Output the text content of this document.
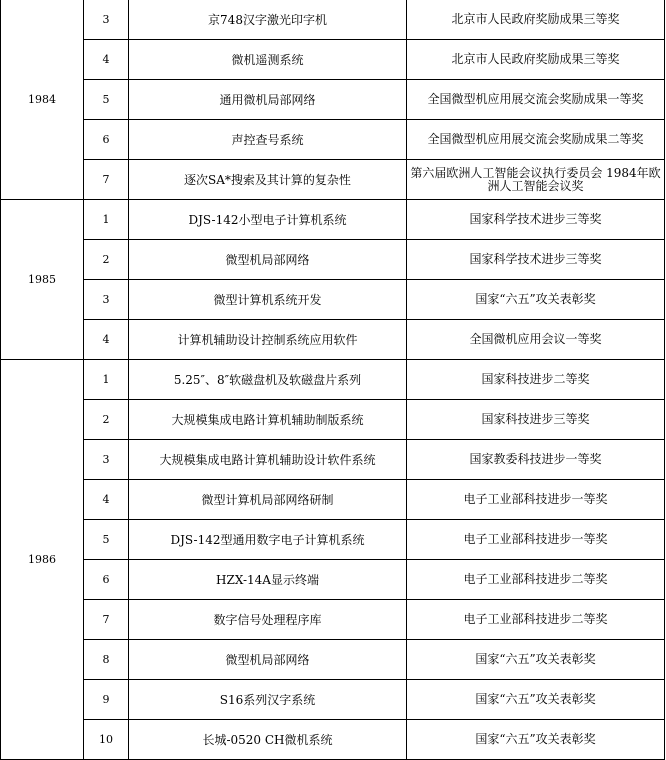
1984	3	京748汉字激光印字机	北京市人民政府奖励成果三等奖
	4	微机遥测系统	北京市人民政府奖励成果三等奖
	5	通用微机局部网络	全国微型机应用展交流会奖励成果一等奖
	6	声控查号系统	全国微型机应用展交流会奖励成果二等奖
	7	逐次SA*搜索及其计算的复杂性	第六届欧洲人工智能会议执行委员会 1984年欧洲人工智能会议奖
1985	1	DJS-142小型电子计算机系统	国家科学技术进步三等奖
	2	微型机局部网络	国家科学技术进步三等奖
	3	微型计算机系统开发	国家“六五”攻关表彰奖
	4	计算机辅助设计控制系统应用软件	全国微机应用会议一等奖
1986	1	5.25″、8″软磁盘机及软磁盘片系列	国家科技进步二等奖
	2	大规模集成电路计算机辅助制版系统	国家科技进步三等奖
	3	大规模集成电路计算机辅助设计软件系统	国家教委科技进步一等奖
	4	微型计算机局部网络研制	电子工业部科技进步一等奖
	5	DJS-142型通用数字电子计算机系统	电子工业部科技进步一等奖
	6	HZX-14A显示终端	电子工业部科技进步二等奖
	7	数字信号处理程序库	电子工业部科技进步二等奖
	8	微型机局部网络	国家“六五”攻关表彰奖
	9	S16系列汉字系统	国家“六五”攻关表彰奖
	10	长城-0520 CH微机系统	国家“六五”攻关表彰奖
